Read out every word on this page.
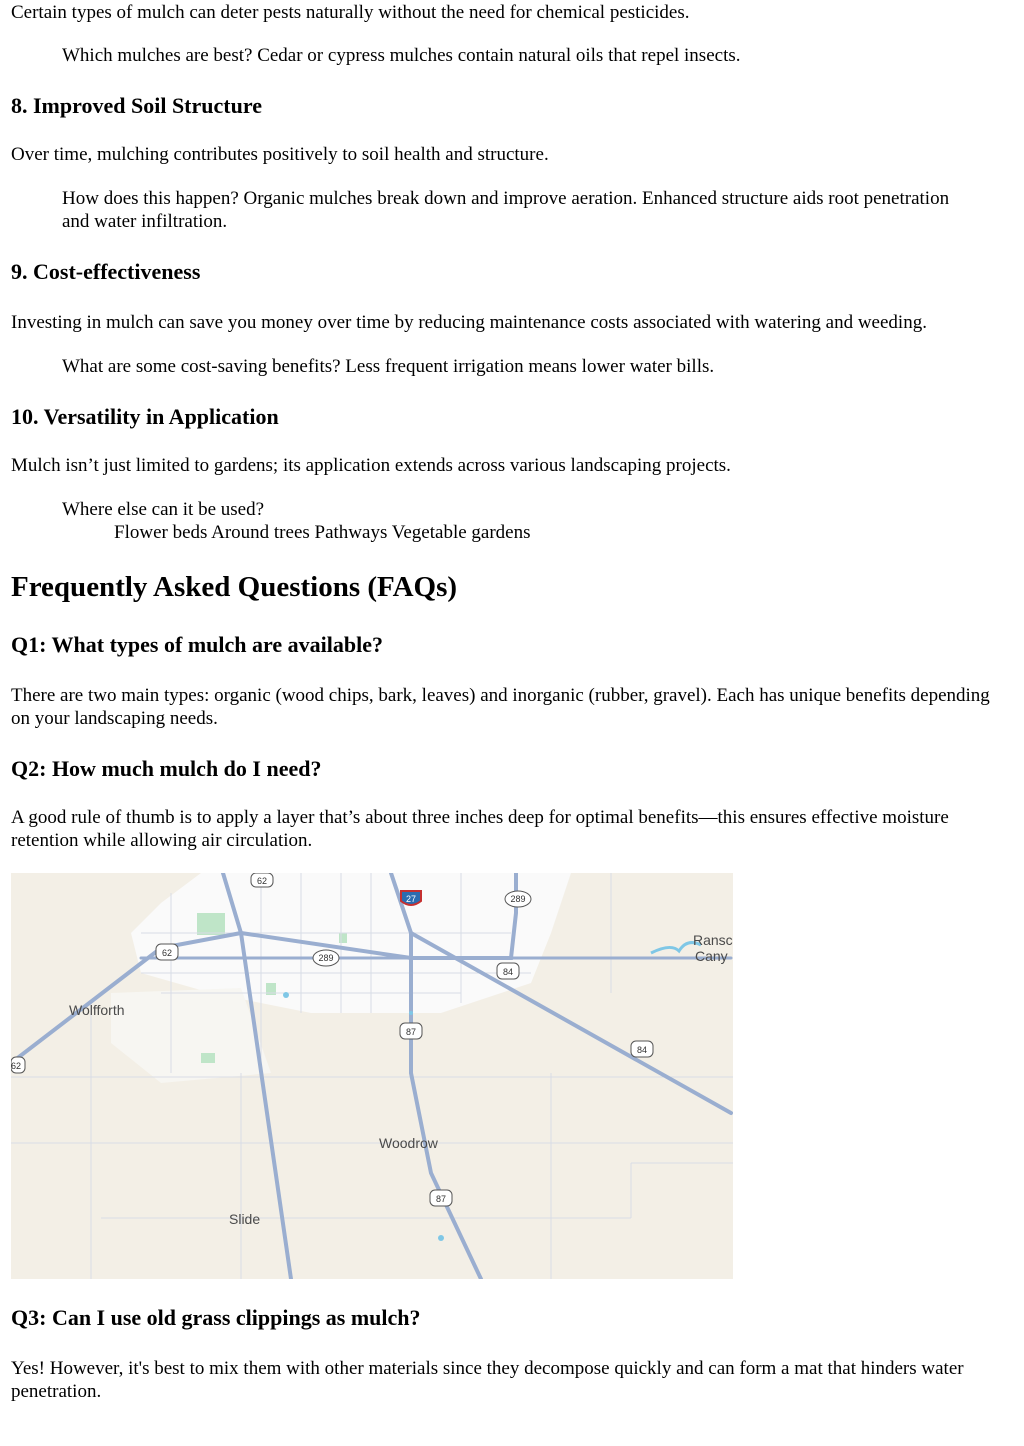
Certain types of mulch can deter pests naturally without the need for chemical pesticides.

Which mulches are best? Cedar or cypress mulches contain natural oils that repel insects.

8. Improved Soil Structure

Over time, mulching contributes positively to soil health and structure.

How does this happen? Organic mulches break down and improve aeration. Enhanced structure aids root penetration and water infiltration.

9. Cost-effectiveness

Investing in mulch can save you money over time by reducing maintenance costs associated with watering and weeding.

What are some cost-saving benefits? Less frequent irrigation means lower water bills.

10. Versatility in Application

Mulch isn’t just limited to gardens; its application extends across various landscaping projects.

Where else can it be used?

Flower beds Around trees Pathways Vegetable gardens

Frequently Asked Questions (FAQs)
Q1: What types of mulch are available?

There are two main types: organic (wood chips, bark, leaves) and inorganic (rubber, gravel). Each has unique benefits depending on your landscaping needs.

Q2: How much mulch do I need?

A good rule of thumb is to apply a layer that’s about three inches deep for optimal benefits—this ensures effective moisture retention while allowing air circulation.

62
62
62
27	289
289
84
84
87
87
Wolfforth
Woodrow
Slide
Ransc
Cany
Q3: Can I use old grass clippings as mulch?

Yes! However, it's best to mix them with other materials since they decompose quickly and can form a mat that hinders water penetration.
